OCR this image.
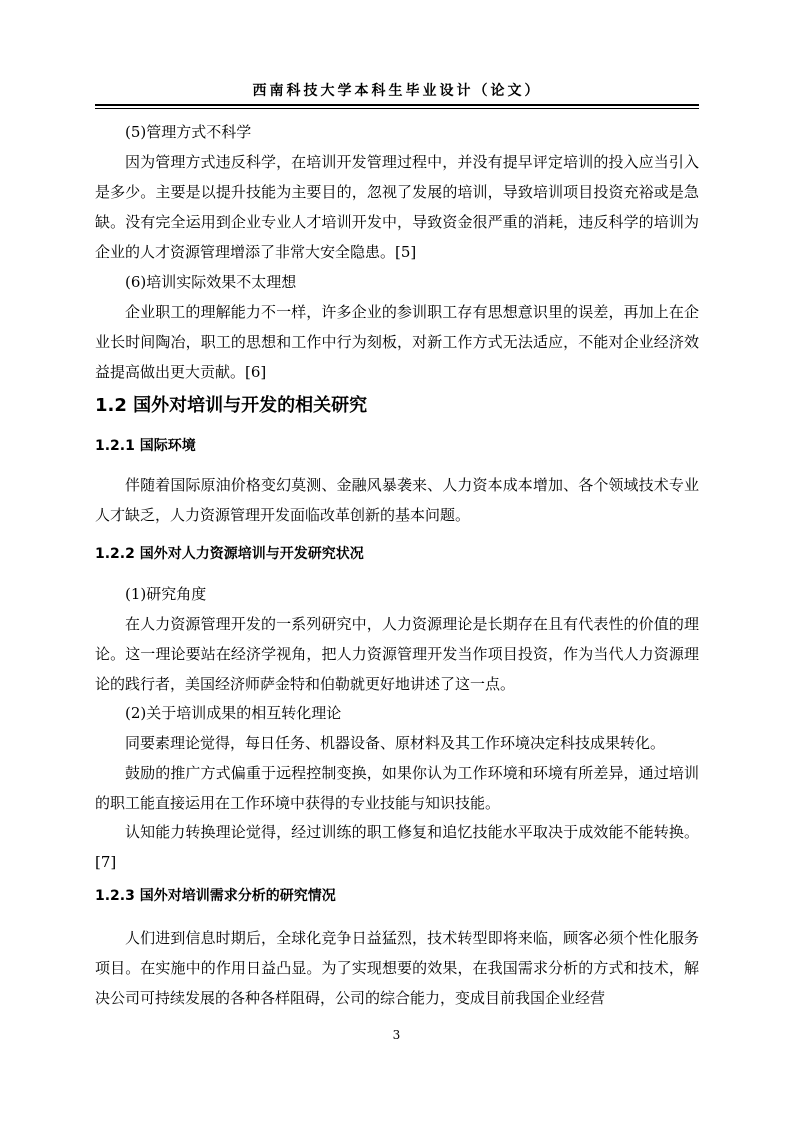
西南科技大学本科生毕业设计（论文）

(5)管理方式不科学

因为管理方式违反科学，在培训开发管理过程中，并没有提早评定培训的投入应当引入是多少。主要是以提升技能为主要目的，忽视了发展的培训，导致培训项目投资充裕或是急缺。没有完全运用到企业专业人才培训开发中，导致资金很严重的消耗，违反科学的培训为企业的人才资源管理增添了非常大安全隐患。[5]

(6)培训实际效果不太理想

企业职工的理解能力不一样，许多企业的参训职工存有思想意识里的误差，再加上在企业长时间陶冶，职工的思想和工作中行为刻板，对新工作方式无法适应，不能对企业经济效益提高做出更大贡献。[6]

1.2 国外对培训与开发的相关研究
1.2.1 国际环境

伴随着国际原油价格变幻莫测、金融风暴袭来、人力资本成本增加、各个领域技术专业人才缺乏，人力资源管理开发面临改革创新的基本问题。

1.2.2 国外对人力资源培训与开发研究状况

(1)研究角度

在人力资源管理开发的一系列研究中，人力资源理论是长期存在且有代表性的价值的理论。这一理论要站在经济学视角，把人力资源管理开发当作项目投资，作为当代人力资源理论的践行者，美国经济师萨金特和伯勒就更好地讲述了这一点。

(2)关于培训成果的相互转化理论

同要素理论觉得，每日任务、机器设备、原材料及其工作环境决定科技成果转化。

鼓励的推广方式偏重于远程控制变换，如果你认为工作环境和环境有所差异，通过培训的职工能直接运用在工作环境中获得的专业技能与知识技能。

认知能力转换理论觉得，经过训练的职工修复和追忆技能水平取决于成效能不能转换。[7]

1.2.3 国外对培训需求分析的研究情况

人们进到信息时期后，全球化竞争日益猛烈，技术转型即将来临，顾客必须个性化服务项目。在实施中的作用日益凸显。为了实现想要的效果，在我国需求分析的方式和技术，解决公司可持续发展的各种各样阻碍，公司的综合能力，变成目前我国企业经营

3
